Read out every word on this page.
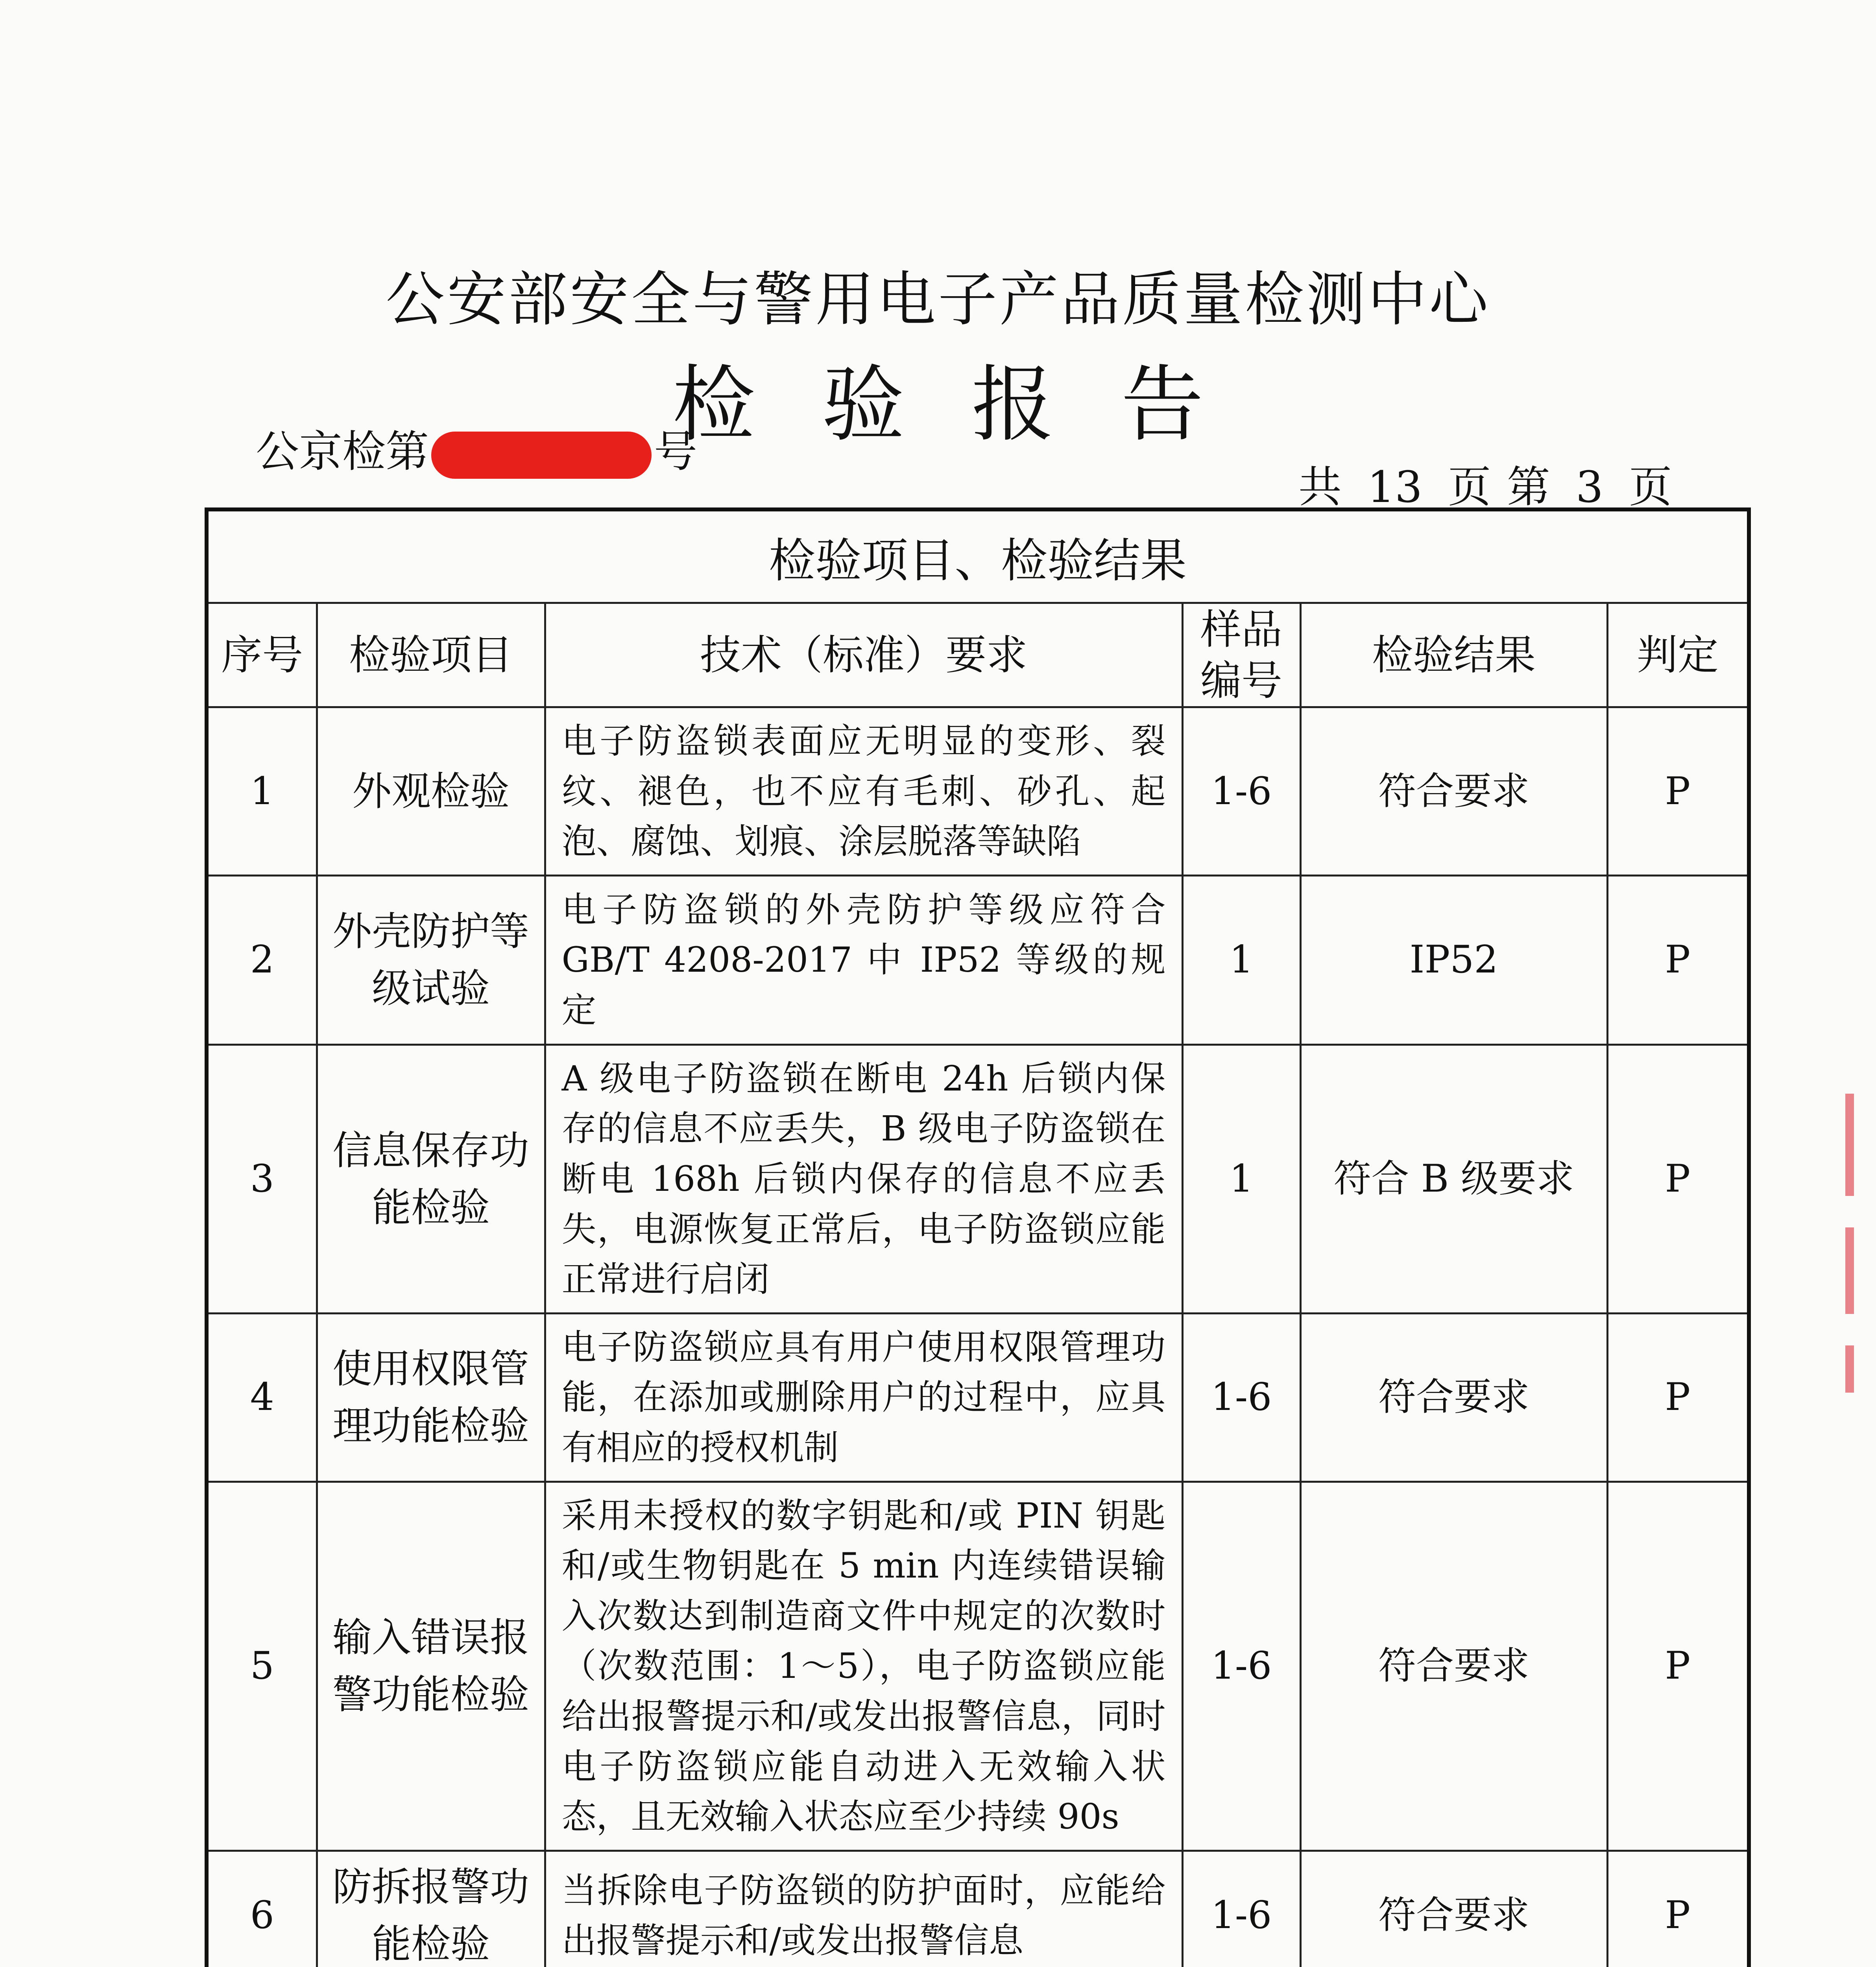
公安部安全与警用电子产品质量检测中心
检验报告
公京检第	号
共 13 页 第 3 页
检验项目、检验结果					
序号	检验项目	技术（标准）要求	样品编号	检验结果	判定
1	外观检验	电子防盗锁表面应无明显的变形、裂纹、褪色，也不应有毛刺、砂孔、起泡、腐蚀、划痕、涂层脱落等缺陷	1-6	符合要求	P
2	外壳防护等级试验	电子防盗锁的外壳防护等级应符合 GB/T 4208-2017 中 IP52 等级的规定	1	IP52	P
3	信息保存功能检验	A 级电子防盗锁在断电 24h 后锁内保存的信息不应丢失，B 级电子防盗锁在断电 168h 后锁内保存的信息不应丢失，电源恢复正常后，电子防盗锁应能正常进行启闭	1	符合 B 级要求	P
4	使用权限管理功能检验	电子防盗锁应具有用户使用权限管理功能，在添加或删除用户的过程中，应具有相应的授权机制	1-6	符合要求	P
5	输入错误报警功能检验	采用未授权的数字钥匙和/或 PIN 钥匙和/或生物钥匙在 5 min 内连续错误输入次数达到制造商文件中规定的次数时（次数范围：1～5），电子防盗锁应能给出报警提示和/或发出报警信息，同时电子防盗锁应能自动进入无效输入状态，且无效输入状态应至少持续 90s	1-6	符合要求	P
6	防拆报警功能检验	当拆除电子防盗锁的防护面时，应能给出报警提示和/或发出报警信息	1-6	符合要求	P
